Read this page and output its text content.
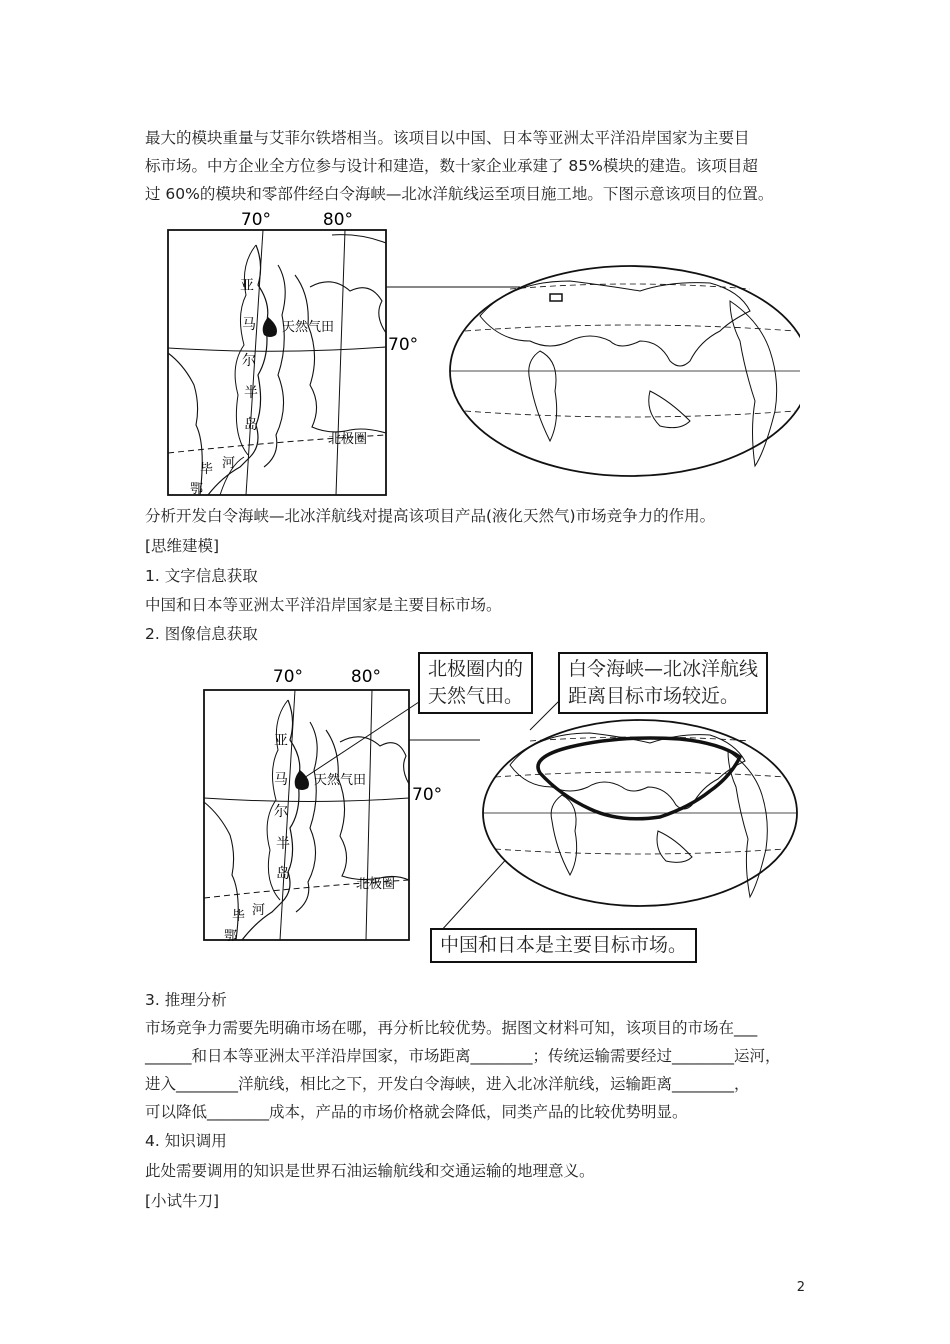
最大的模块重量与艾菲尔铁塔相当。该项目以中国、日本等亚洲太平洋沿岸国家为主要目
标市场。中方企业全方位参与设计和建造，数十家企业承建了 85%模块的建造。该项目超
过 60%的模块和零部件经白令海峡—北冰洋航线运至项目施工地。下图示意该项目的位置。
70°	80°
70°
亚
马
尔
半
岛
天然气田
北极圈
河
毕
鄂
分析开发白令海峡—北冰洋航线对提高该项目产品(液化天然气)市场竞争力的作用。
[思维建模]
1. 文字信息获取
中国和日本等亚洲太平洋沿岸国家是主要目标市场。
2. 图像信息获取
70°	80°
70°
亚
马
尔
半
岛
天然气田
北极圈
河
毕
鄂
北极圈内的
天然气田。
白令海峡—北冰洋航线
距离目标市场较近。
中国和日本是主要目标市场。
3. 推理分析
市场竞争力需要先明确市场在哪，再分析比较优势。据图文材料可知，该项目的市场在___
______和日本等亚洲太平洋沿岸国家，市场距离________；传统运输需要经过________运河，
进入________洋航线，相比之下，开发白令海峡，进入北冰洋航线，运输距离________，
可以降低________成本，产品的市场价格就会降低，同类产品的比较优势明显。
4. 知识调用
此处需要调用的知识是世界石油运输航线和交通运输的地理意义。
[小试牛刀]
2
